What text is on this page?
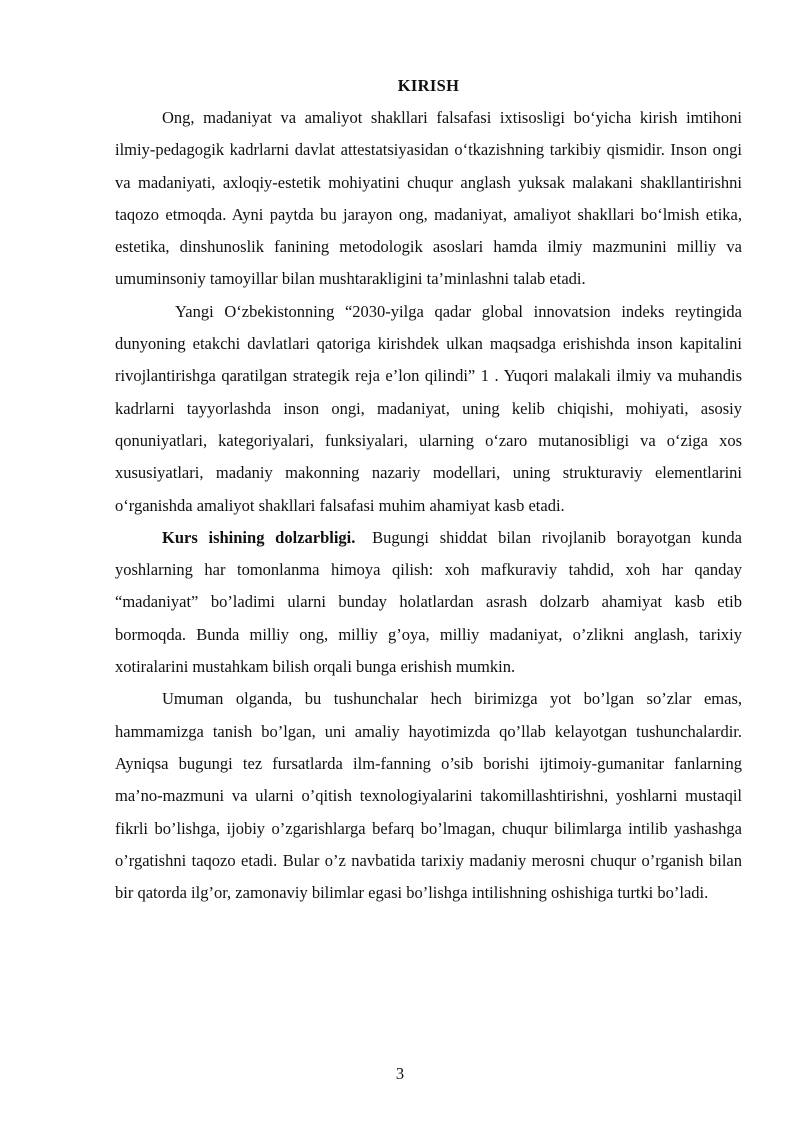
KIRISH

Ong, madaniyat va amaliyot shakllari falsafasi ixtisosligi bo‘yicha kirish imtihoni ilmiy-pedagogik kadrlarni davlat attestatsiyasidan o‘tkazishning tarkibiy qismidir. Inson ongi va madaniyati, axloqiy-estetik mohiyatini chuqur anglash yuksak malakani shakllantirishni taqozo etmoqda. Ayni paytda bu jarayon ong, madaniyat, amaliyot shakllari bo‘lmish etika, estetika, dinshunoslik fanining metodologik asoslari hamda ilmiy mazmunini milliy va umuminsoniy tamoyillar bilan mushtarakligini ta’minlashni talab etadi.

Yangi O‘zbekistonning “2030-yilga qadar global innovatsion indeks reytingida dunyoning etakchi davlatlari qatoriga kirishdek ulkan maqsadga erishishda inson kapitalini rivojlantirishga qaratilgan strategik reja e’lon qilindi” 1 . Yuqori malakali ilmiy va muhandis kadrlarni tayyorlashda inson ongi, madaniyat, uning kelib chiqishi, mohiyati, asosiy qonuniyatlari, kategoriyalari, funksiyalari, ularning o‘zaro mutanosibligi va o‘ziga xos xususiyatlari, madaniy makonning nazariy modellari, uning strukturaviy elementlarini o‘rganishda amaliyot shakllari falsafasi muhim ahamiyat kasb etadi.

Kurs ishining dolzarbligi. Bugungi shiddat bilan rivojlanib borayotgan kunda yoshlarning har tomonlanma himoya qilish: xoh mafkuraviy tahdid, xoh har qanday “madaniyat” bo’ladimi ularni bunday holatlardan asrash dolzarb ahamiyat kasb etib bormoqda. Bunda milliy ong, milliy g’oya, milliy madaniyat, o’zlikni anglash, tarixiy xotiralarini mustahkam bilish orqali bunga erishish mumkin.

Umuman olganda, bu tushunchalar hech birimizga yot bo’lgan so’zlar emas, hammamizga tanish bo’lgan, uni amaliy hayotimizda qo’llab kelayotgan tushunchalardir. Ayniqsa bugungi tez fursatlarda ilm-fanning o’sib borishi ijtimoiy-gumanitar fanlarning ma’no-mazmuni va ularni o’qitish texnologiyalarini takomillashtirishni, yoshlarni mustaqil fikrli bo’lishga, ijobiy o’zgarishlarga befarq bo’lmagan, chuqur bilimlarga intilib yashashga o’rgatishni taqozo etadi. Bular o’z navbatida tarixiy madaniy merosni chuqur o’rganish bilan bir qatorda ilg’or, zamonaviy bilimlar egasi bo’lishga intilishning oshishiga turtki bo’ladi.

3
